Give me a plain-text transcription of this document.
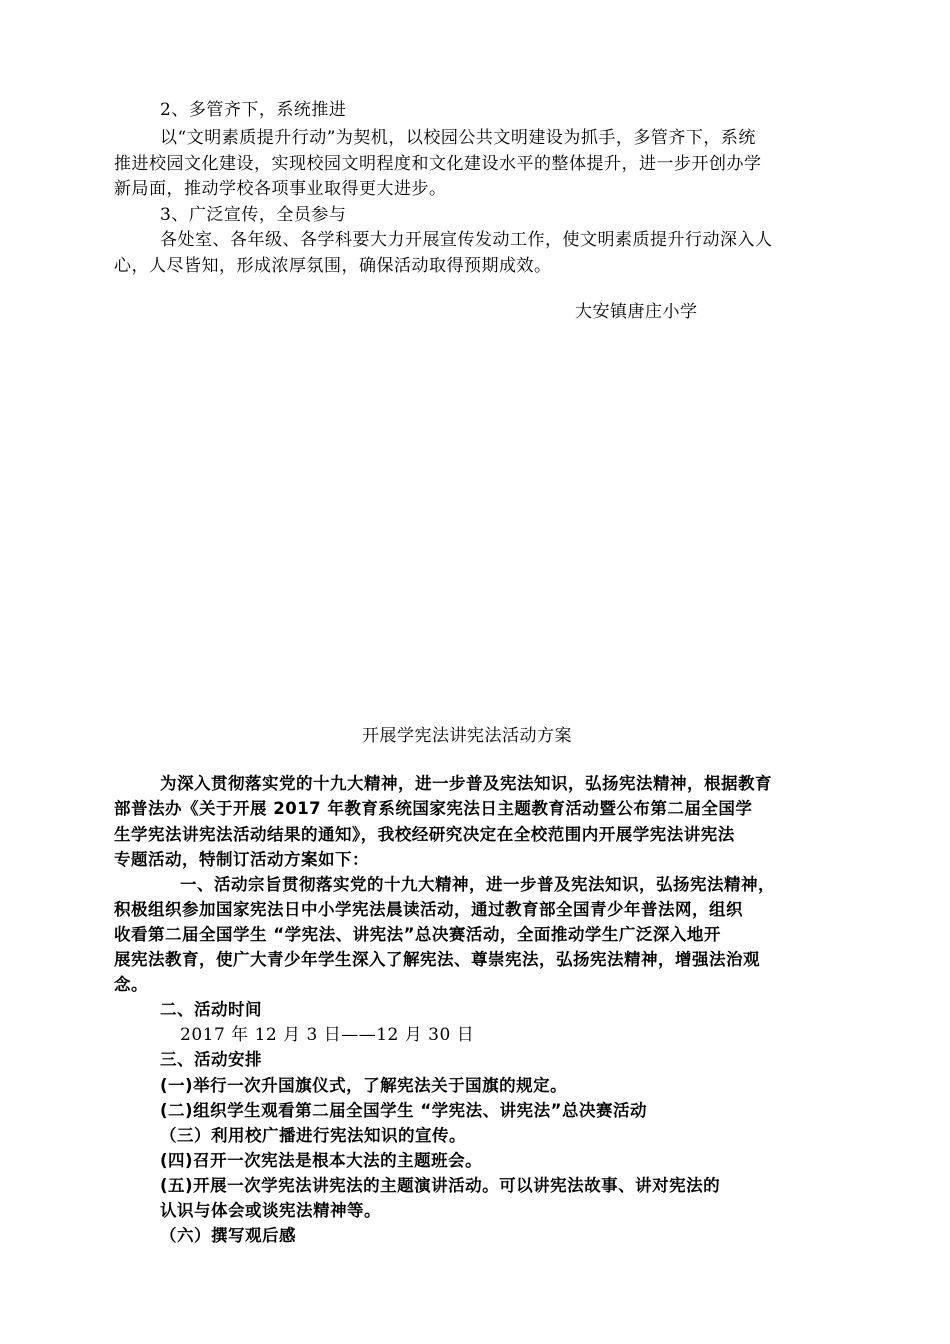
2、多管齐下，系统推进
以“文明素质提升行动”为契机，以校园公共文明建设为抓手，多管齐下，系统
推进校园文化建设，实现校园文明程度和文化建设水平的整体提升，进一步开创办学
新局面，推动学校各项事业取得更大进步。
3、广泛宣传，全员参与
各处室、各年级、各学科要大力开展宣传发动工作，使文明素质提升行动深入人
心，人尽皆知，形成浓厚氛围，确保活动取得预期成效。
大安镇唐庄小学
开展学宪法讲宪法活动方案
为深入贯彻落实党的十九大精神，进一步普及宪法知识，弘扬宪法精神，根据教育
部普法办《关于开展 2017 年教育系统国家宪法日主题教育活动暨公布第二届全国学
生学宪法讲宪法活动结果的通知》，我校经研究决定在全校范围内开展学宪法讲宪法
专题活动，特制订活动方案如下：
一、活动宗旨贯彻落实党的十九大精神，进一步普及宪法知识，弘扬宪法精神，
积极组织参加国家宪法日中小学宪法晨读活动，通过教育部全国青少年普法网，组织
收看第二届全国学生 “学宪法、讲宪法”总决赛活动，全面推动学生广泛深入地开
展宪法教育，使广大青少年学生深入了解宪法、尊崇宪法，弘扬宪法精神，增强法治观
念。
二、活动时间
2017 年 12 月 3 日——12 月 30 日
三、活动安排
(一)举行一次升国旗仪式，了解宪法关于国旗的规定。
(二)组织学生观看第二届全国学生 “学宪法、讲宪法”总决赛活动
（三）利用校广播进行宪法知识的宣传。
(四)召开一次宪法是根本大法的主题班会。
(五)开展一次学宪法讲宪法的主题演讲活动。可以讲宪法故事、讲对宪法的
认识与体会或谈宪法精神等。
（六）撰写观后感
